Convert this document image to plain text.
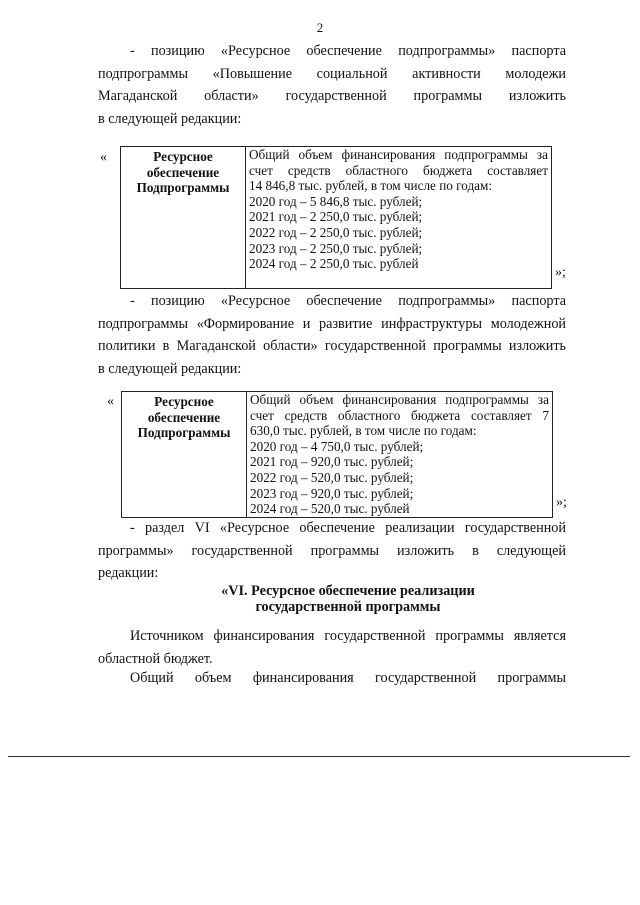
2
- позицию «Ресурсное обеспечение подпрограммы» паспорта
подпрограммы «Повышение социальной активности молодежи
Магаданской области» государственной программы изложить
в следующей редакции:
«	Ресурсное обеспечение Подпрограммы	
Общий объем финансирования подпрограммы за
счет средств областного бюджета составляет
14 846,8 тыс. рублей, в том числе по годам:
2020 год – 5 846,8 тыс. рублей;
2021 год – 2 250,0 тыс. рублей;
2022 год – 2 250,0 тыс. рублей;
2023 год – 2 250,0 тыс. рублей;
2024 год – 2 250,0 тыс. рублей
»;
- позицию «Ресурсное обеспечение подпрограммы» паспорта
подпрограммы «Формирование и развитие инфраструктуры молодежной
политики в Магаданской области» государственной программы изложить
в следующей редакции:
«	Ресурсное обеспечение Подпрограммы	
Общий объем финансирования подпрограммы за
счет средств областного бюджета составляет 7
630,0 тыс. рублей, в том числе по годам:
2020 год – 4 750,0 тыс. рублей;
2021 год – 920,0 тыс. рублей;
2022 год – 520,0 тыс. рублей;
2023 год – 920,0 тыс. рублей;
2024 год – 520,0 тыс. рублей	»;
- раздел VI «Ресурсное обеспечение реализации государственной
программы» государственной программы изложить в следующей
редакции:
«VI. Ресурсное обеспечение реализации
государственной программы
Источником финансирования государственной программы является
областной бюджет.
Общий объем финансирования государственной программы
